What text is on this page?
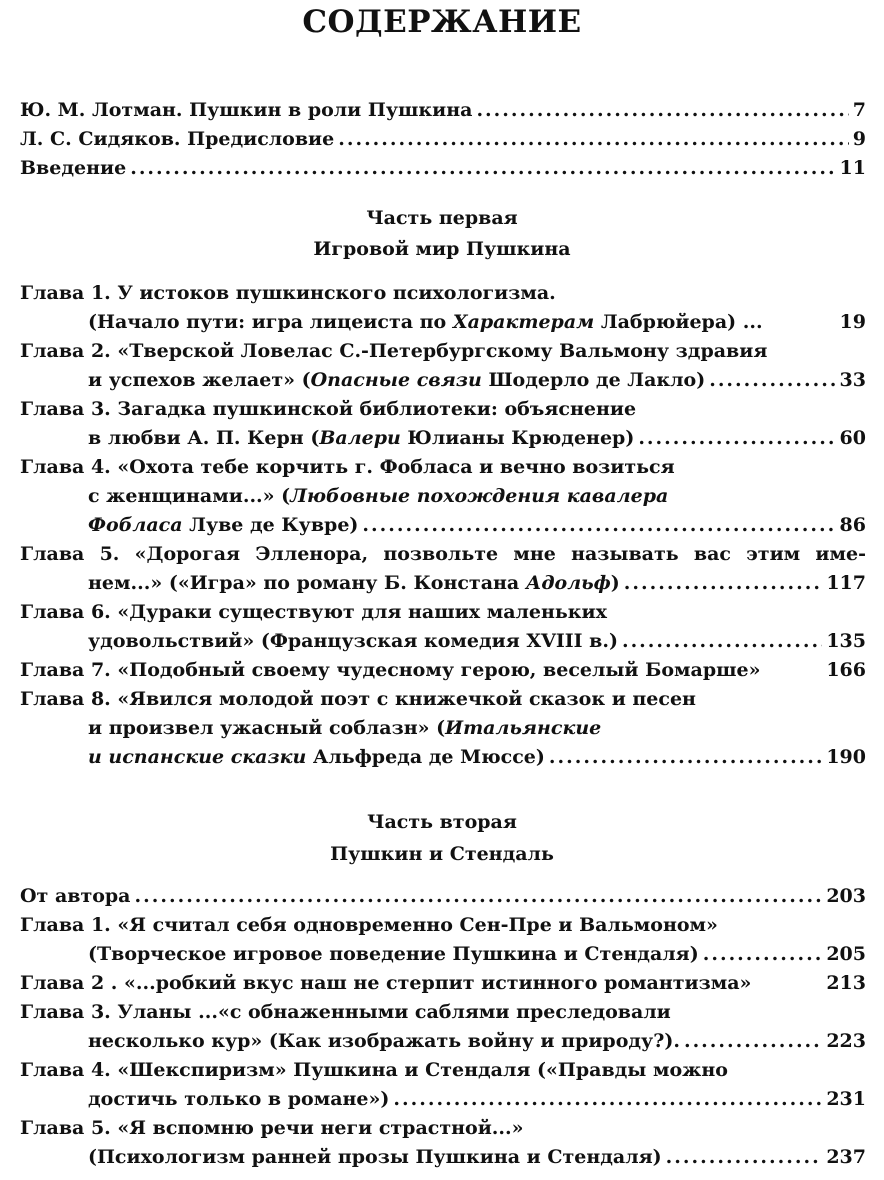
СОДЕРЖАНИЕ
Ю. М. Лотман. Пушкин в роли Пушкина .....	7
Л. С. Сидяков. Предисловие .....	9
Введение .....	11
Часть первая
Игровой мир Пушкина
Глава 1. У истоков пушкинского психологизма.
(Начало пути: игра лицеиста по Характерам Лабрюйера) ...	19
Глава 2. «Тверской Ловелас С.-Петербургскому Вальмону здравия
и успехов желает» (Опасные связи Шодерло де Лакло) .....	33
Глава 3. Загадка пушкинской библиотеки: объяснение
в любви А. П. Керн (Валери Юлианы Крюденер) .....	60
Глава 4. «Охота тебе корчить г. Фобласа и вечно возиться
с женщинами...» (Любовные похождения кавалера
Фобласа Луве де Кувре) .....	86
Глава 5. «Дорогая Элленора, позвольте мне называть вас этим име-
нем...» («Игра» по роману Б. Констана Адольф) .....	117
Глава 6. «Дураки существуют для наших маленьких
удовольствий» (Французская комедия XVIII в.) .....	135
Глава 7. «Подобный своему чудесному герою, веселый Бомарше»	166
Глава 8. «Явился молодой поэт с книжечкой сказок и песен
и произвел ужасный соблазн» (Итальянские
и испанские сказки Альфреда де Мюссе) .....	190
Часть вторая
Пушкин и Стендаль
От автора .....	203
Глава 1. «Я считал себя одновременно Сен-Пре и Вальмоном»
(Творческое игровое поведение Пушкина и Стендаля) .....	205
Глава 2 . «...робкий вкус наш не стерпит истинного романтизма»	213
Глава 3. Уланы ...«с обнаженными саблями преследовали
несколько кур» (Как изображать войну и природу?). .....	223
Глава 4. «Шекспиризм» Пушкина и Стендаля («Правды можно
достичь только в романе») .....	231
Глава 5. «Я вспомню речи неги страстной...»
(Психологизм ранней прозы Пушкина и Стендаля) .....	237
